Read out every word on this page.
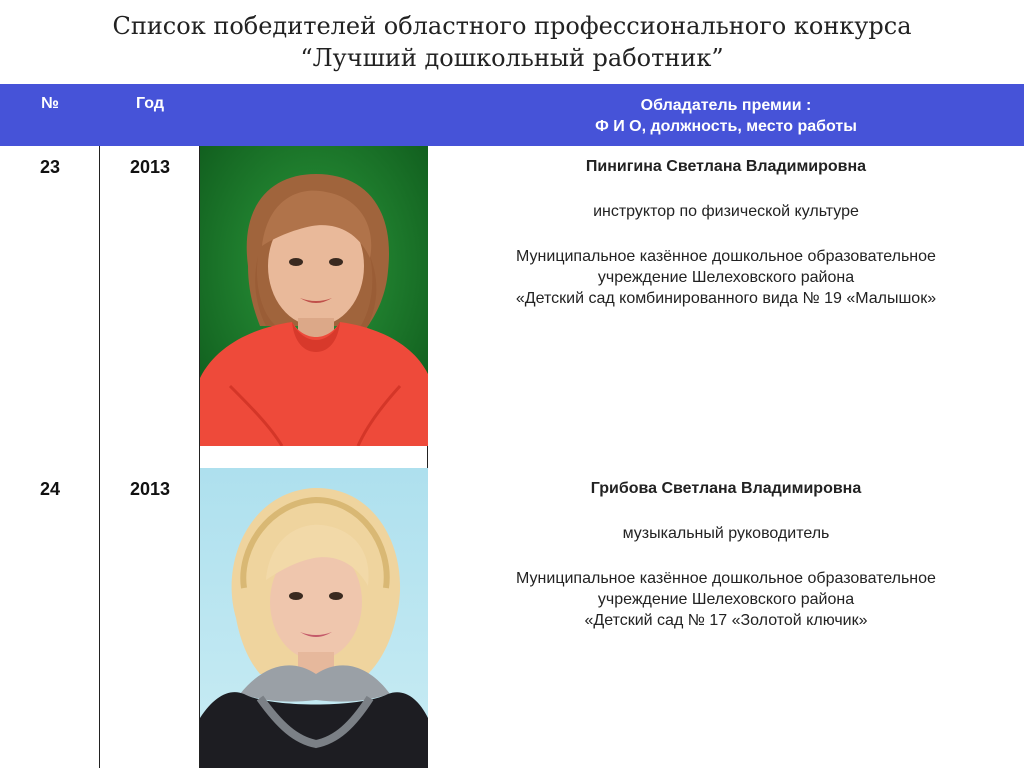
Список победителей областного профессионального конкурса
“Лучший дошкольный работник”
№	Год	Обладатель премии :
Ф И О, должность, место работы
23	2013	Пинигина Светлана Владимировна
инструктор по физической культуре
Муниципальное казённое дошкольное образовательное
учреждение Шелеховского района
«Детский сад комбинированного вида № 19 «Малышок»
24	2013	Грибова Светлана Владимировна
музыкальный руководитель
Муниципальное казённое дошкольное образовательное
учреждение Шелеховского района
«Детский сад № 17 «Золотой ключик»
